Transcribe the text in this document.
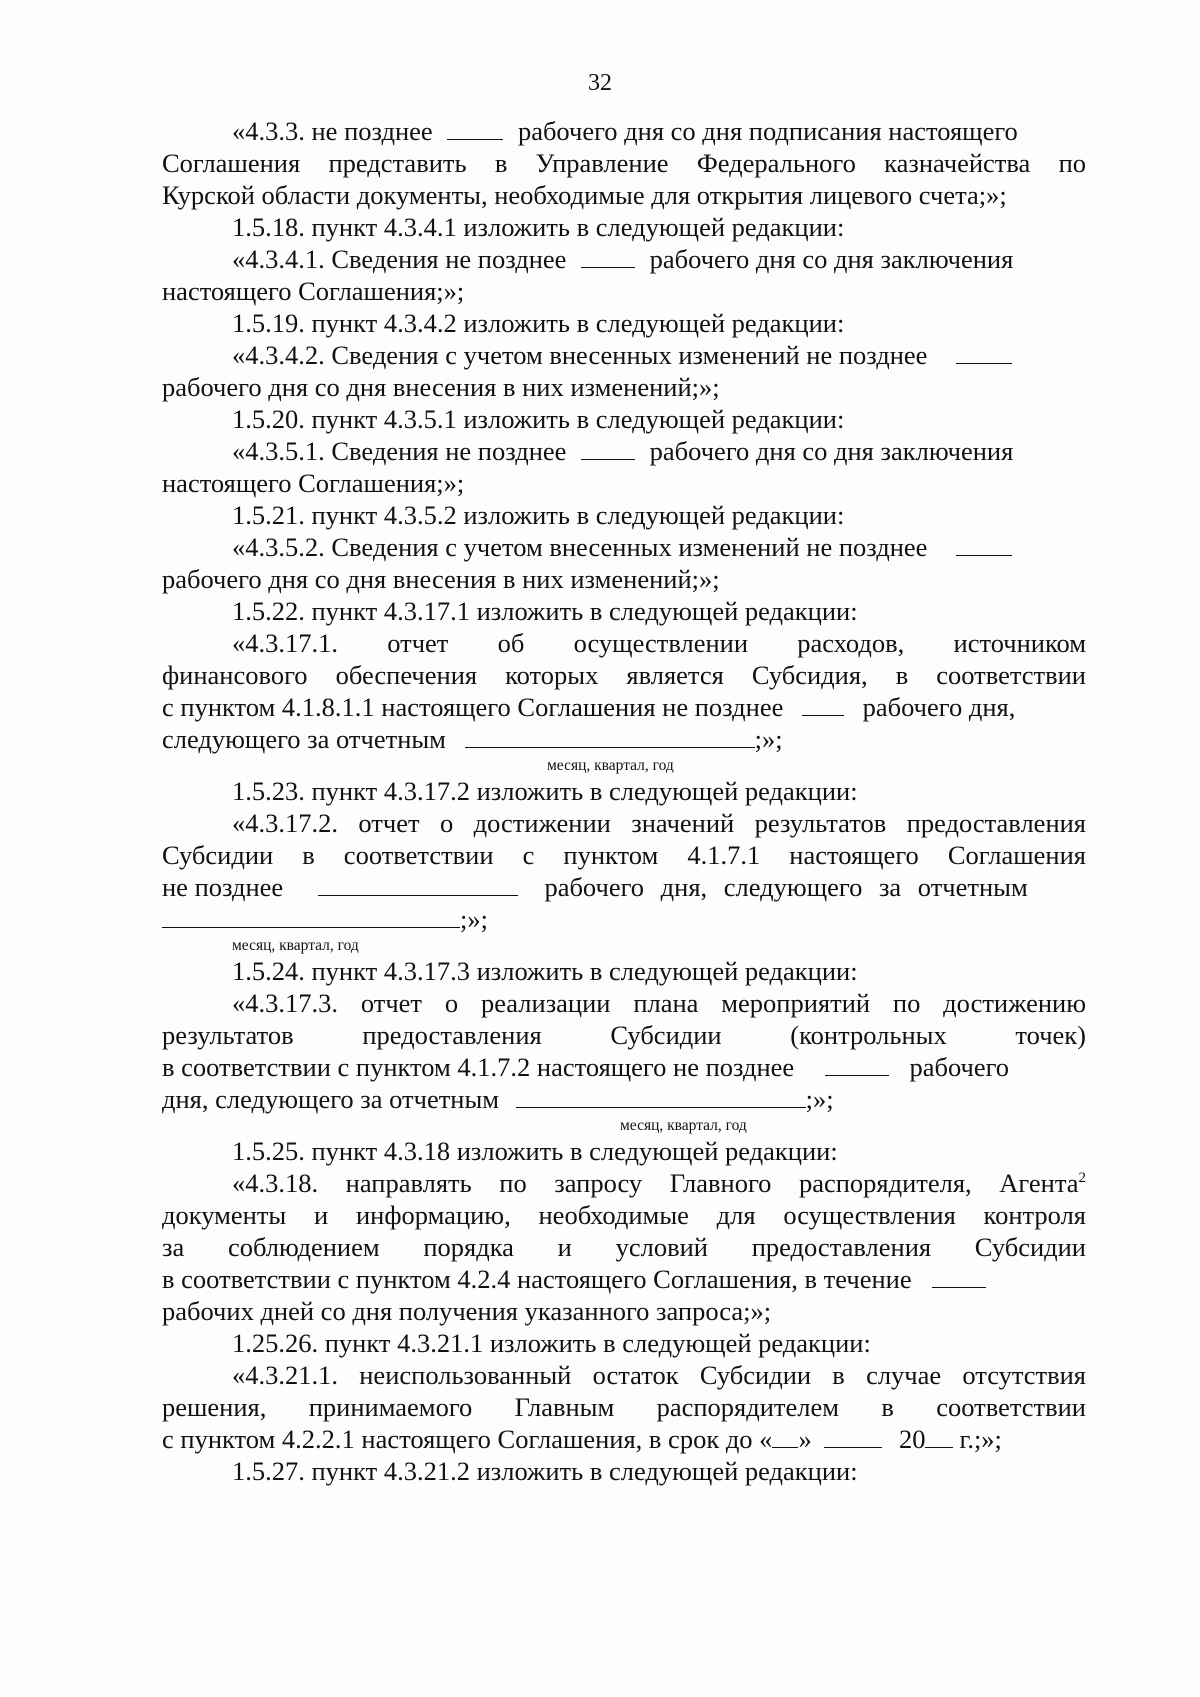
32
«4.3.3. не позднее	рабочего дня со дня подписания настоящего
Соглашения представить в Управление Федерального казначейства по
Курской области документы, необходимые для открытия лицевого счета;»;
1.5.18. пункт 4.3.4.1 изложить в следующей редакции:
«4.3.4.1. Сведения не позднее	рабочего дня со дня заключения
настоящего Соглашения;»;
1.5.19. пункт 4.3.4.2 изложить в следующей редакции:
«4.3.4.2. Сведения с учетом внесенных изменений не позднее
рабочего дня со дня внесения в них изменений;»;
1.5.20. пункт 4.3.5.1 изложить в следующей редакции:
«4.3.5.1. Сведения не позднее	рабочего дня со дня заключения
настоящего Соглашения;»;
1.5.21. пункт 4.3.5.2 изложить в следующей редакции:
«4.3.5.2. Сведения с учетом внесенных изменений не позднее
рабочего дня со дня внесения в них изменений;»;
1.5.22. пункт 4.3.17.1 изложить в следующей редакции:
«4.3.17.1. отчет об осуществлении расходов, источником
финансового обеспечения которых является Субсидия, в соответствии
с пунктом 4.1.8.1.1 настоящего Соглашения не позднее	рабочего дня,
следующего за отчетным	;»;
месяц, квартал, год
1.5.23. пункт 4.3.17.2 изложить в следующей редакции:
«4.3.17.2. отчет о достижении значений результатов предоставления
Субсидии в соответствии с пунктом 4.1.7.1 настоящего Соглашения
не позднее	рабочего дня, следующего за отчетным
;»;
месяц, квартал, год
1.5.24. пункт 4.3.17.3 изложить в следующей редакции:
«4.3.17.3. отчет о реализации плана мероприятий по достижению
результатов предоставления Субсидии (контрольных точек)
в соответствии с пунктом 4.1.7.2 настоящего не позднее	рабочего
дня, следующего за отчетным	;»;
месяц, квартал, год
1.5.25. пункт 4.3.18 изложить в следующей редакции:
«4.3.18. направлять по запросу Главного распорядителя, Агента$^2$
документы и информацию, необходимые для осуществления контроля
за соблюдением порядка и условий предоставления Субсидии
в соответствии с пунктом 4.2.4 настоящего Соглашения, в течение
рабочих дней со дня получения указанного запроса;»;
1.25.26. пункт 4.3.21.1 изложить в следующей редакции:
«4.3.21.1. неиспользованный остаток Субсидии в случае отсутствия
решения, принимаемого Главным распорядителем в соответствии
с пунктом 4.2.2.1 настоящего Соглашения, в срок до « »	20 г.;»;
1.5.27. пункт 4.3.21.2 изложить в следующей редакции:
